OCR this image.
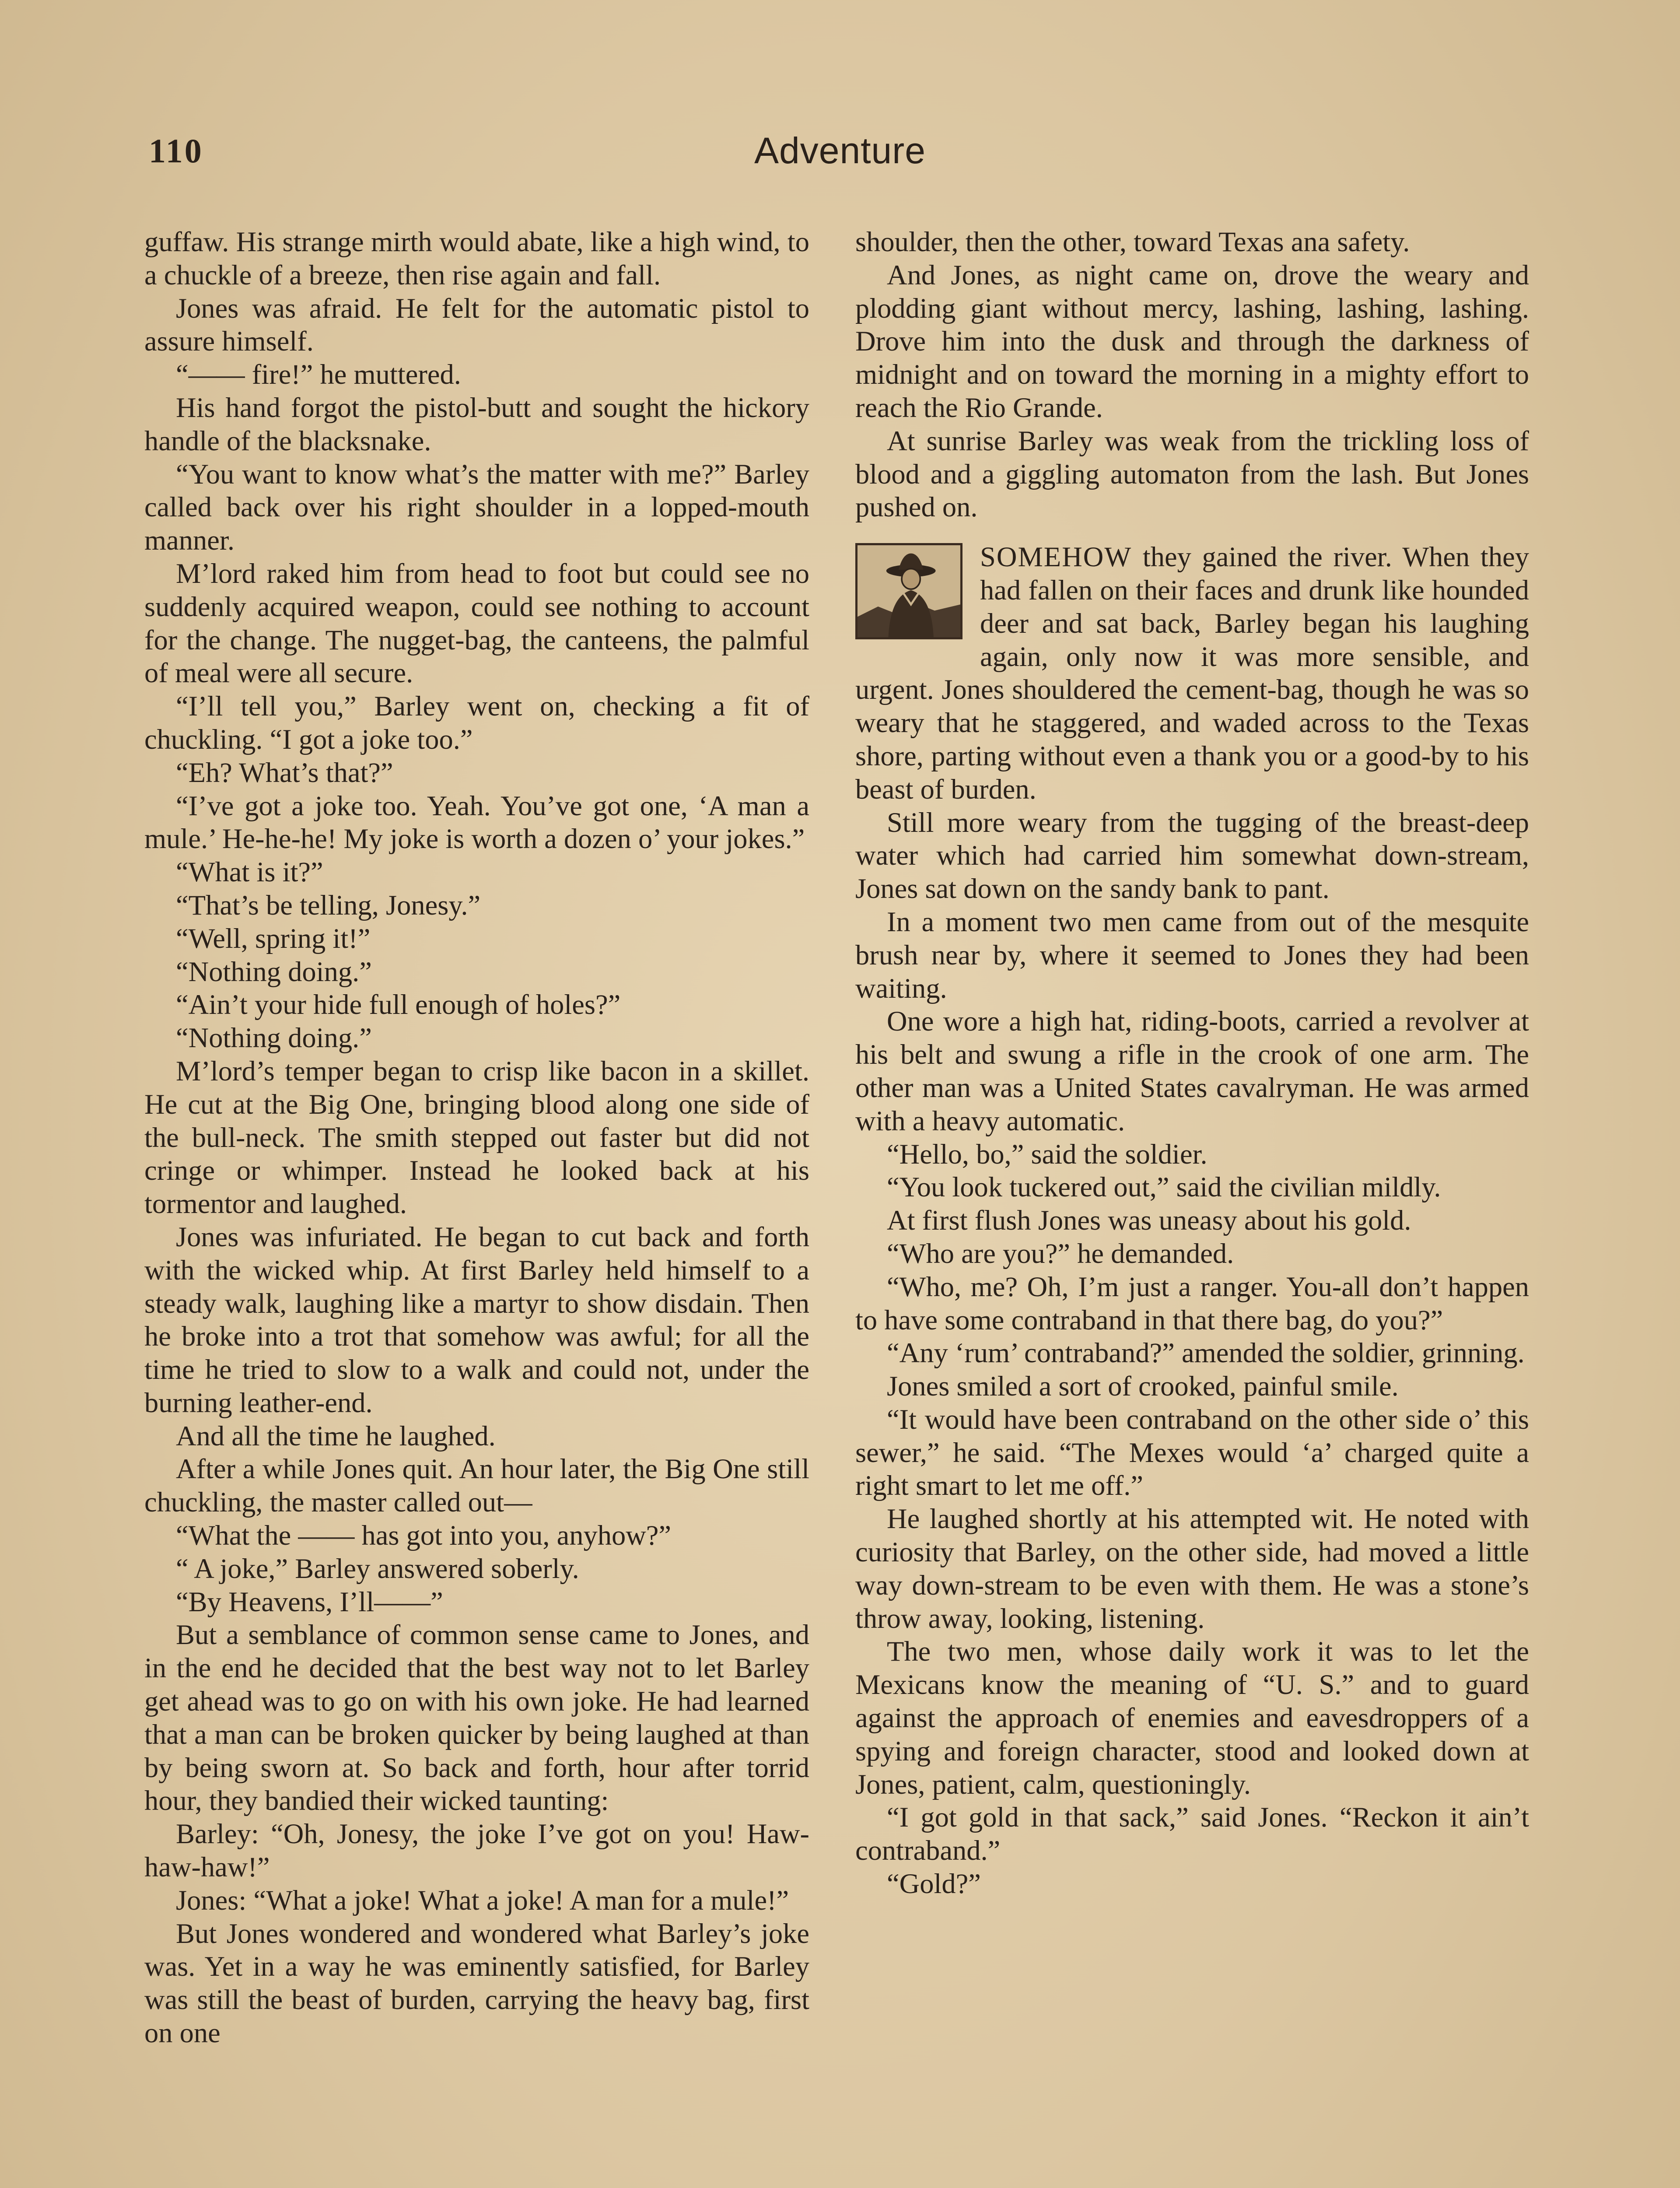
110	Adventure

guffaw. His strange mirth would abate, like a high wind, to a chuckle of a breeze, then rise again and fall.

Jones was afraid. He felt for the automatic pistol to assure himself.

“—— fire!” he muttered.

His hand forgot the pistol-butt and sought the hickory handle of the blacksnake.

“You want to know what’s the matter with me?” Barley called back over his right shoulder in a lopped-mouth manner.

M’lord raked him from head to foot but could see no suddenly acquired weapon, could see nothing to account for the change. The nugget-bag, the canteens, the palmful of meal were all secure.

“I’ll tell you,” Barley went on, checking a fit of chuckling. “I got a joke too.”

“Eh? What’s that?”

“I’ve got a joke too. Yeah. You’ve got one, ‘A man a mule.’ He-he-he! My joke is worth a dozen o’ your jokes.”

“What is it?”

“That’s be telling, Jonesy.”

“Well, spring it!”

“Nothing doing.”

“Ain’t your hide full enough of holes?”

“Nothing doing.”

M’lord’s temper began to crisp like bacon in a skillet. He cut at the Big One, bringing blood along one side of the bull-neck. The smith stepped out faster but did not cringe or whimper. Instead he looked back at his tormentor and laughed.

Jones was infuriated. He began to cut back and forth with the wicked whip. At first Barley held himself to a steady walk, laughing like a martyr to show disdain. Then he broke into a trot that somehow was awful; for all the time he tried to slow to a walk and could not, under the burning leather-end.

And all the time he laughed.

After a while Jones quit. An hour later, the Big One still chuckling, the master called out—

“What the —— has got into you, anyhow?”

“ A joke,” Barley answered soberly.

“By Heavens, I’ll——”

But a semblance of common sense came to Jones, and in the end he decided that the best way not to let Barley get ahead was to go on with his own joke. He had learned that a man can be broken quicker by being laughed at than by being sworn at. So back and forth, hour after torrid hour, they bandied their wicked taunting:

Barley: “Oh, Jonesy, the joke I’ve got on you! Haw-haw-haw!”

Jones: “What a joke! What a joke! A man for a mule!”

But Jones wondered and wondered what Barley’s joke was. Yet in a way he was eminently satisfied, for Barley was still the beast of burden, carrying the heavy bag, first on one

shoulder, then the other, toward Texas ana safety.

And Jones, as night came on, drove the weary and plodding giant without mercy, lashing, lashing, lashing. Drove him into the dusk and through the darkness of midnight and on toward the morning in a mighty effort to reach the Rio Grande.

At sunrise Barley was weak from the trickling loss of blood and a giggling automaton from the lash. But Jones pushed on.

SOMEHOW they gained the river. When they had fallen on their faces and drunk like hounded deer and sat back, Barley began his laughing again, only now it was more sensible, and urgent. Jones shouldered the cement-bag, though he was so weary that he staggered, and waded across to the Texas shore, parting without even a thank you or a good-by to his beast of burden.

Still more weary from the tugging of the breast-deep water which had carried him somewhat down-stream, Jones sat down on the sandy bank to pant.

In a moment two men came from out of the mesquite brush near by, where it seemed to Jones they had been waiting.

One wore a high hat, riding-boots, carried a revolver at his belt and swung a rifle in the crook of one arm. The other man was a United States cavalryman. He was armed with a heavy automatic.

“Hello, bo,” said the soldier.

“You look tuckered out,” said the civilian mildly.

At first flush Jones was uneasy about his gold.

“Who are you?” he demanded.

“Who, me? Oh, I’m just a ranger. You-all don’t happen to have some contraband in that there bag, do you?”

“Any ‘rum’ contraband?” amended the soldier, grinning.

Jones smiled a sort of crooked, painful smile.

“It would have been contraband on the other side o’ this sewer,” he said. “The Mexes would ‘a’ charged quite a right smart to let me off.”

He laughed shortly at his attempted wit. He noted with curiosity that Barley, on the other side, had moved a little way down-stream to be even with them. He was a stone’s throw away, looking, listening.

The two men, whose daily work it was to let the Mexicans know the meaning of “U. S.” and to guard against the approach of enemies and eavesdroppers of a spying and foreign character, stood and looked down at Jones, patient, calm, questioningly.

“I got gold in that sack,” said Jones. “Reckon it ain’t contraband.”

“Gold?”
